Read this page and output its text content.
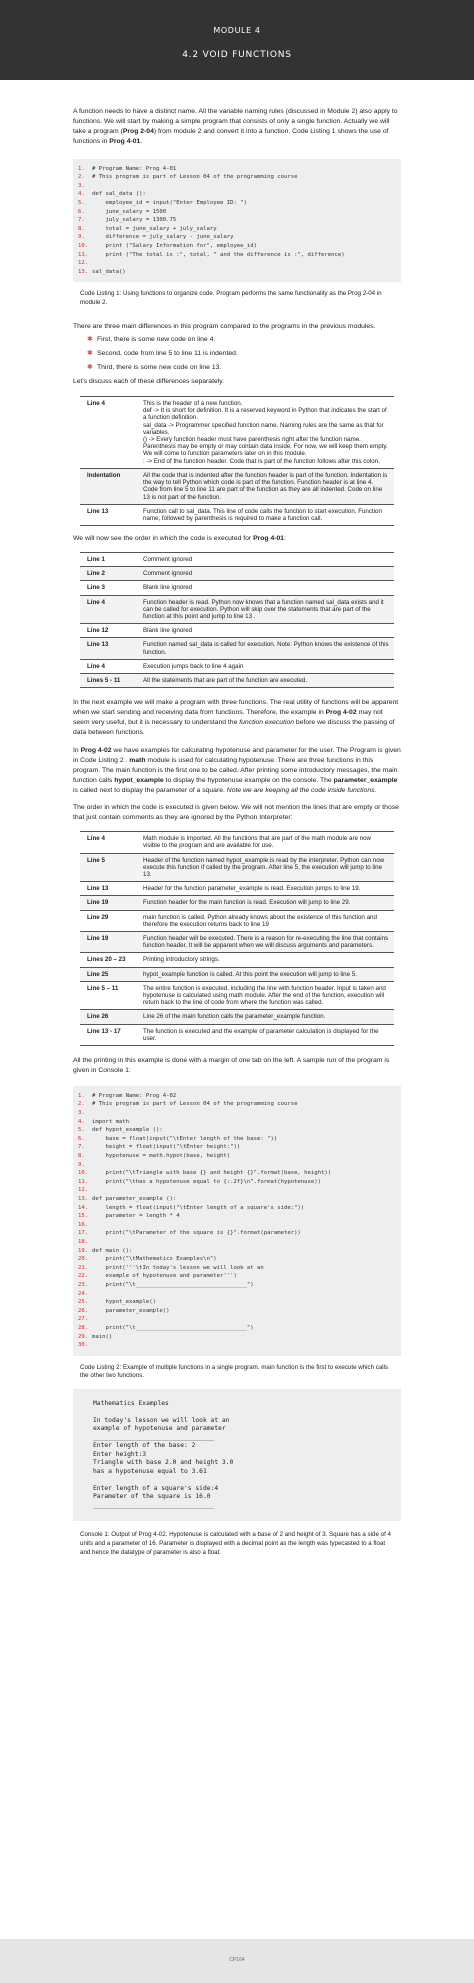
MODULE 4
4.2 VOID FUNCTIONS

A function needs to have a distinct name. All the variable naming rules (discussed in Module 2) also apply to functions. We will start by making a simple program that consists of only a single function. Actually we will take a program (Prog 2-04) from module 2 and convert it into a function. Code Listing 1 shows the use of functions in Prog 4-01.

1.	# Program Name: Prog 4-01
2.	# This program is part of Lesson 04 of the programming course
3.

4.	def sal_data ():
5.	employee_id = input("Enter Employee ID: ")
6.	june_salary = 1500
7.	july_salary = 1300.75
8.	total = june_salary + july_salary
9.	difference = july_salary - june_salary
10. print ("Salary Information for", employee_id)
11. print ("The total is :", total, " and the difference is :", difference)
12.

13. sal_data()

Code Listing 1: Using functions to organize code. Program performs the same functionality as the Prog 2-04 in module 2.

There are three main differences in this program compared to the programs in the previous modules.

✱ First, there is some new code on line 4.
✱ Second, code from line 5 to line 11 is indented.
✱ Third, there is some new code on line 13.

Let's discuss each of these differences separately.

Line 4	This is the header of a new function.
def -> It is short for definition. It is a reserved keyword in Python that indicates the start of a function definition.
sal_data -> Programmer specified function name. Naming rules are the same as that for variables.
() -> Every function header must have parenthesis right after the function name. Parenthesis may be empty or may contain data inside. For now, we will keep them empty. We will come to function parameters later on in this module.
: -> End of the function header. Code that is part of the function follows after this colon.
Indentation	All the code that is indented after the function header is part of the function. Indentation is the way to tell Python which code is part of the function. Function header is at line 4. Code from line 5 to line 11 are part of the function as they are all indented. Code on line 13 is not part of the function.
Line 13	Function call to sal_data. This line of code calls the function to start execution. Function name, followed by parenthesis is required to make a function call.

We will now see the order in which the code is executed for Prog 4-01:

Line 1	Comment ignored
Line 2	Comment ignored
Line 3	Blank line ignored
Line 4	Function header is read. Python now knows that a function named sal_data exists and it can be called for execution. Python will skip over the statements that are part of the function at this point and jump to line 13 .
Line 12	Blank line ignored
Line 13	Function named sal_data is called for execution. Note: Python knows the existence of this function.
Line 4	Execution jumps back to line 4 again
Lines 5 - 11	All the statements that are part of the function are executed.

In the next example we will make a program with three functions. The real utility of functions will be apparent when we start sending and receiving data from functions. Therefore, the example in Prog 4-02 may not seem very useful, but it is necessary to understand the function execution before we discuss the passing of data between functions.

In Prog 4-02 we have examples for calculating hypotenuse and parameter for the user. The Program is given in Code Listing 2 . math module is used for calculating hypotenuse. There are three functions in this program. The main function is the first one to be called. After printing some introductory messages, the main function calls hypot_example to display the hypotenuse example on the console. The parameter_example is called next to display the parameter of a square. Note we are keeping all the code inside functions.

The order in which the code is executed is given below. We will not mention the lines that are empty or those that just contain comments as they are ignored by the Python Interpreter:

Line 4	Math module is imported. All the functions that are part of the math module are now visible to the program and are available for use.
Line 5	Header of the function named hypot_example is read by the interpreter. Python can now execute this function if called by the program. After line 5, the execution will jump to line 13.
Line 13	Header for the function parameter_example is read. Execution jumps to line 19.
Line 19	Function header for the main function is read. Execution will jump to line 29.
Line 29	main function is called. Python already knows about the existence of this function and therefore the execution returns back to line 19
Line 19	Function header will be executed. There is a reason for re-executing the line that contains function header. It will be apparent when we will discuss arguments and parameters.
Lines 20 – 23	Printing introductory strings.
Line 25	hypot_example function is called. At this point the execution will jump to line 5.
Line 5 – 11	The entire function is executed, including the line with function header. Input is taken and hypotenuse is calculated using math module. After the end of the function, execution will return back to the line of code from where the function was called.
Line 26	Line 26 of the main function calls the parameter_example function.
Line 13 - 17	The function is executed and the example of parameter calculation is displayed for the user.

All the printing in this example is done with a margin of one tab on the left. A sample run of the program is given in Console 1:

1.	# Program Name: Prog 4-02
2.	# This program is part of Lesson 04 of the programming course
3.

4.	import math
5.	def hypot_example ():
6.	base = float(input("\tEnter length of the base: "))
7.	height = float(input("\tEnter height:"))
8.	hypotenuse = math.hypot(base, height)
9.

10. print("\tTriangle with base {} and height {}".format(base, height))
11. print("\thas a hypotenuse equal to {:.2f}\n".format(hypotenuse))
12.

13. def parameter_example ():
14. length = float(input("\tEnter length of a square's side:"))
15. parameter = length * 4
16.

17. print("\tParameter of the square is {}".format(parameter))
18.

19. def main ():
20. print("\tMathematics Examples\n")
21. print('''\tIn today's lesson we will look at an
22. example of hypotenuse and parameter''')
23. print("\t_________________________________")
24.

25. hypot_example()
26. parameter_example()
27.

28. print("\t_________________________________")
29. main()
30.

Code Listing 2: Example of multiple functions in a single program. main function is the first to execute which calls the other two functions.

Mathematics Examples

In today's lesson we will look at an
example of hypotenuse and parameter
________________________________
Enter length of the base: 2
Enter height:3
Triangle with base 2.0 and height 3.0
has a hypotenuse equal to 3.61

Enter length of a square's side:4
Parameter of the square is 16.0
________________________________

Console 1: Output of Prog 4-02. Hypotenuse is calculated with a base of 2 and height of 3. Square has a side of 4 units and a parameter of 16. Parameter is displayed with a decimal point as the length was typecasted to a float and hence the datatype of parameter is also a float.

CP164
